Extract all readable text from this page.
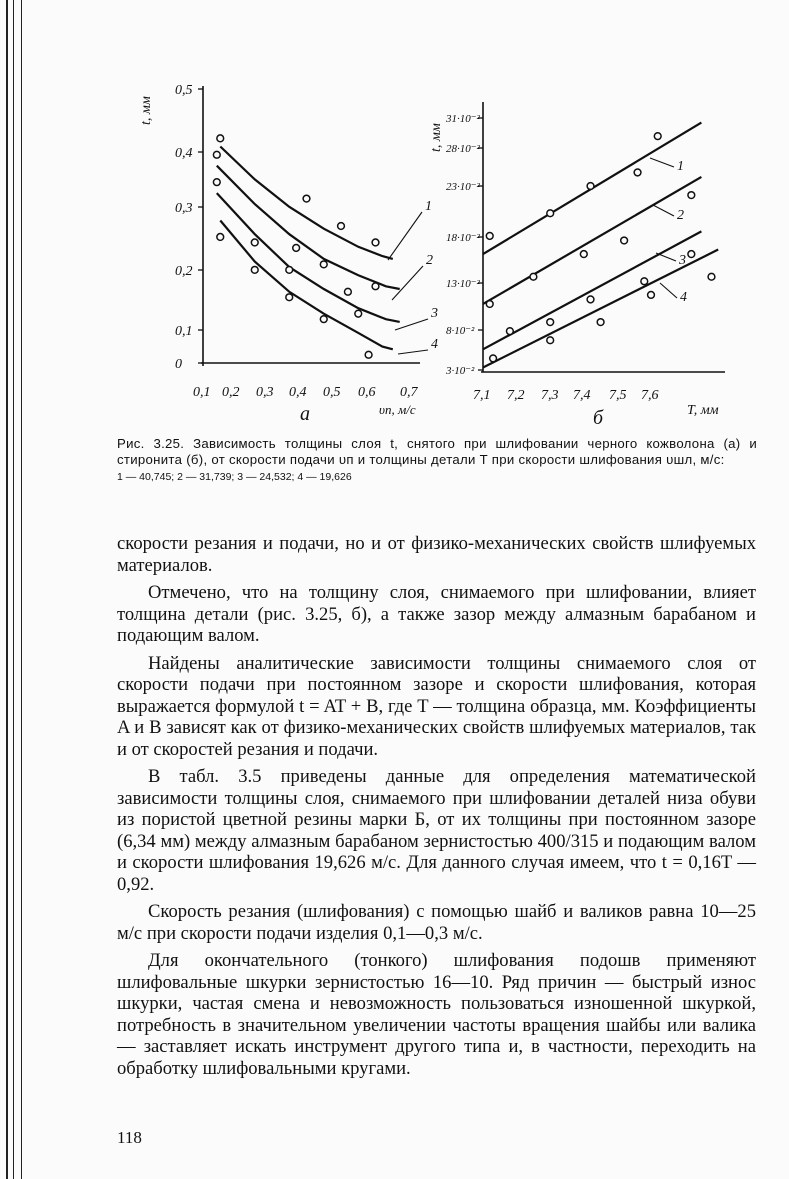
0,5
0,4
0,3
0,2
0,1
0
0,1 0,2 0,3 0,4 0,5 0,6 0,7
t, мм
υп, м/с
а
1
2
3
4
31·10⁻²
28·10⁻²
23·10⁻²
18·10⁻²
13·10⁻²
8·10⁻²
3·10⁻²
7,1 7,2 7,3 7,4 7,5 7,6
t, мм
T, мм
б
1
2
3
4
Рис. 3.25. Зависимость толщины слоя t, снятого при шлифовании черного кожволона (а) и стиронита (б), от скорости подачи υп и толщины детали T при скорости шлифования υшл, м/с:
1 — 40,745; 2 — 31,739; 3 — 24,532; 4 — 19,626

скорости резания и подачи, но и от физико-механических свойств шлифуемых материалов.

Отмечено, что на толщину слоя, снимаемого при шлифовании, влияет толщина детали (рис. 3.25, б), а также зазор между алмазным барабаном и подающим валом.

Найдены аналитические зависимости толщины снимаемого слоя от скорости подачи при постоянном зазоре и скорости шлифования, которая выражается формулой t = AT + B, где T — толщина образца, мм. Коэффициенты A и B зависят как от физико-механических свойств шлифуемых материалов, так и от скоростей резания и подачи.

В табл. 3.5 приведены данные для определения математической зависимости толщины слоя, снимаемого при шлифовании деталей низа обуви из пористой цветной резины марки Б, от их толщины при постоянном зазоре (6,34 мм) между алмазным барабаном зернистостью 400/315 и подающим валом и скорости шлифования 19,626 м/с. Для данного случая имеем, что t = 0,16T — 0,92.

Скорость резания (шлифования) с помощью шайб и валиков равна 10—25 м/с при скорости подачи изделия 0,1—0,3 м/с.

Для окончательного (тонкого) шлифования подошв применяют шлифовальные шкурки зернистостью 16—10. Ряд причин — быстрый износ шкурки, частая смена и невозможность пользоваться изношенной шкуркой, потребность в значительном увеличении частоты вращения шайбы или валика — заставляет искать инструмент другого типа и, в частности, переходить на обработку шлифовальными кругами.

118
